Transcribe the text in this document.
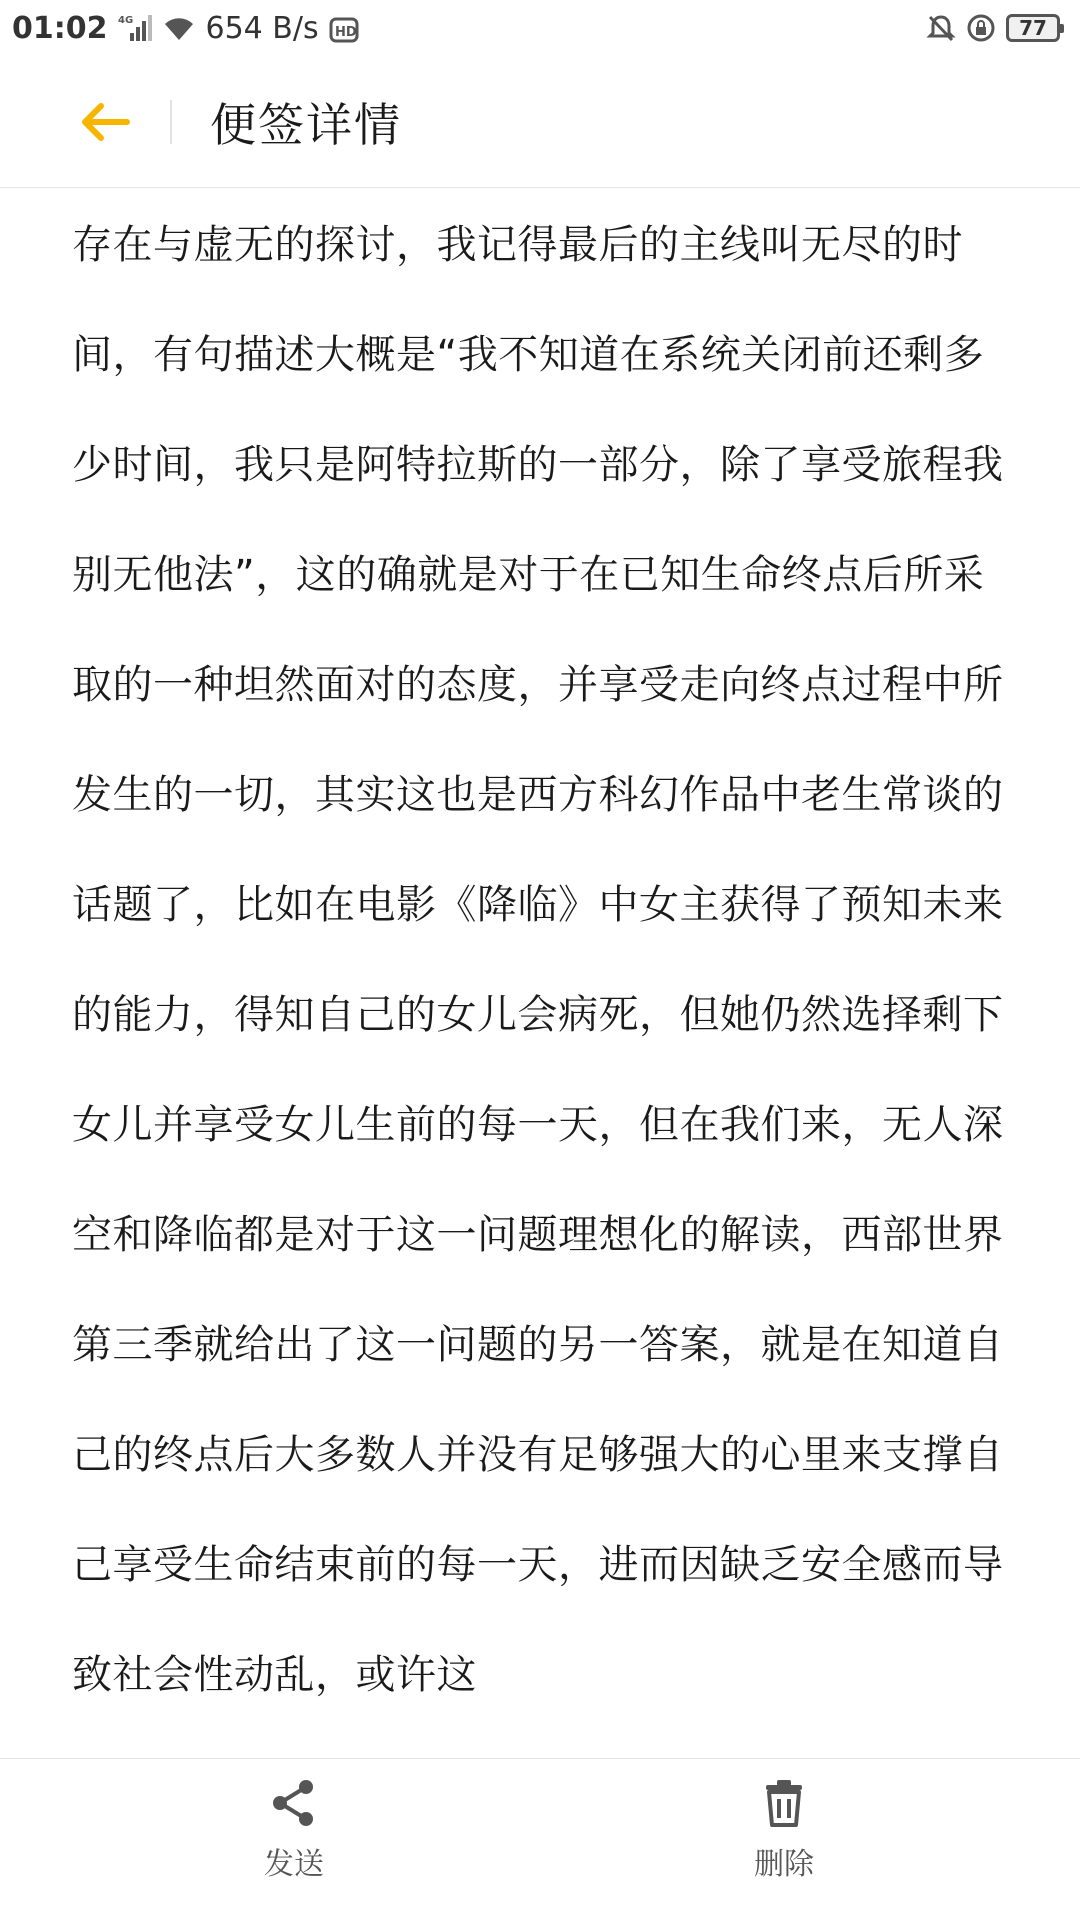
01:02 4G 654 B/s HD	77
便签详情

存在与虚无的探讨，我记得最后的主线叫无尽的时间，有句描述大概是“我不知道在系统关闭前还剩多少时间，我只是阿特拉斯的一部分，除了享受旅程我别无他法”，这的确就是对于在已知生命终点后所采取的一种坦然面对的态度，并享受走向终点过程中所发生的一切，其实这也是西方科幻作品中老生常谈的话题了，比如在电影《降临》中女主获得了预知未来的能力，得知自己的女儿会病死，但她仍然选择剩下女儿并享受女儿生前的每一天，但在我们来，无人深空和降临都是对于这一问题理想化的解读，西部世界第三季就给出了这一问题的另一答案，就是在知道自己的终点后大多数人并没有足够强大的心里来支撑自己享受生命结束前的每一天，进而因缺乏安全感而导致社会性动乱，或许这

发送	删除
